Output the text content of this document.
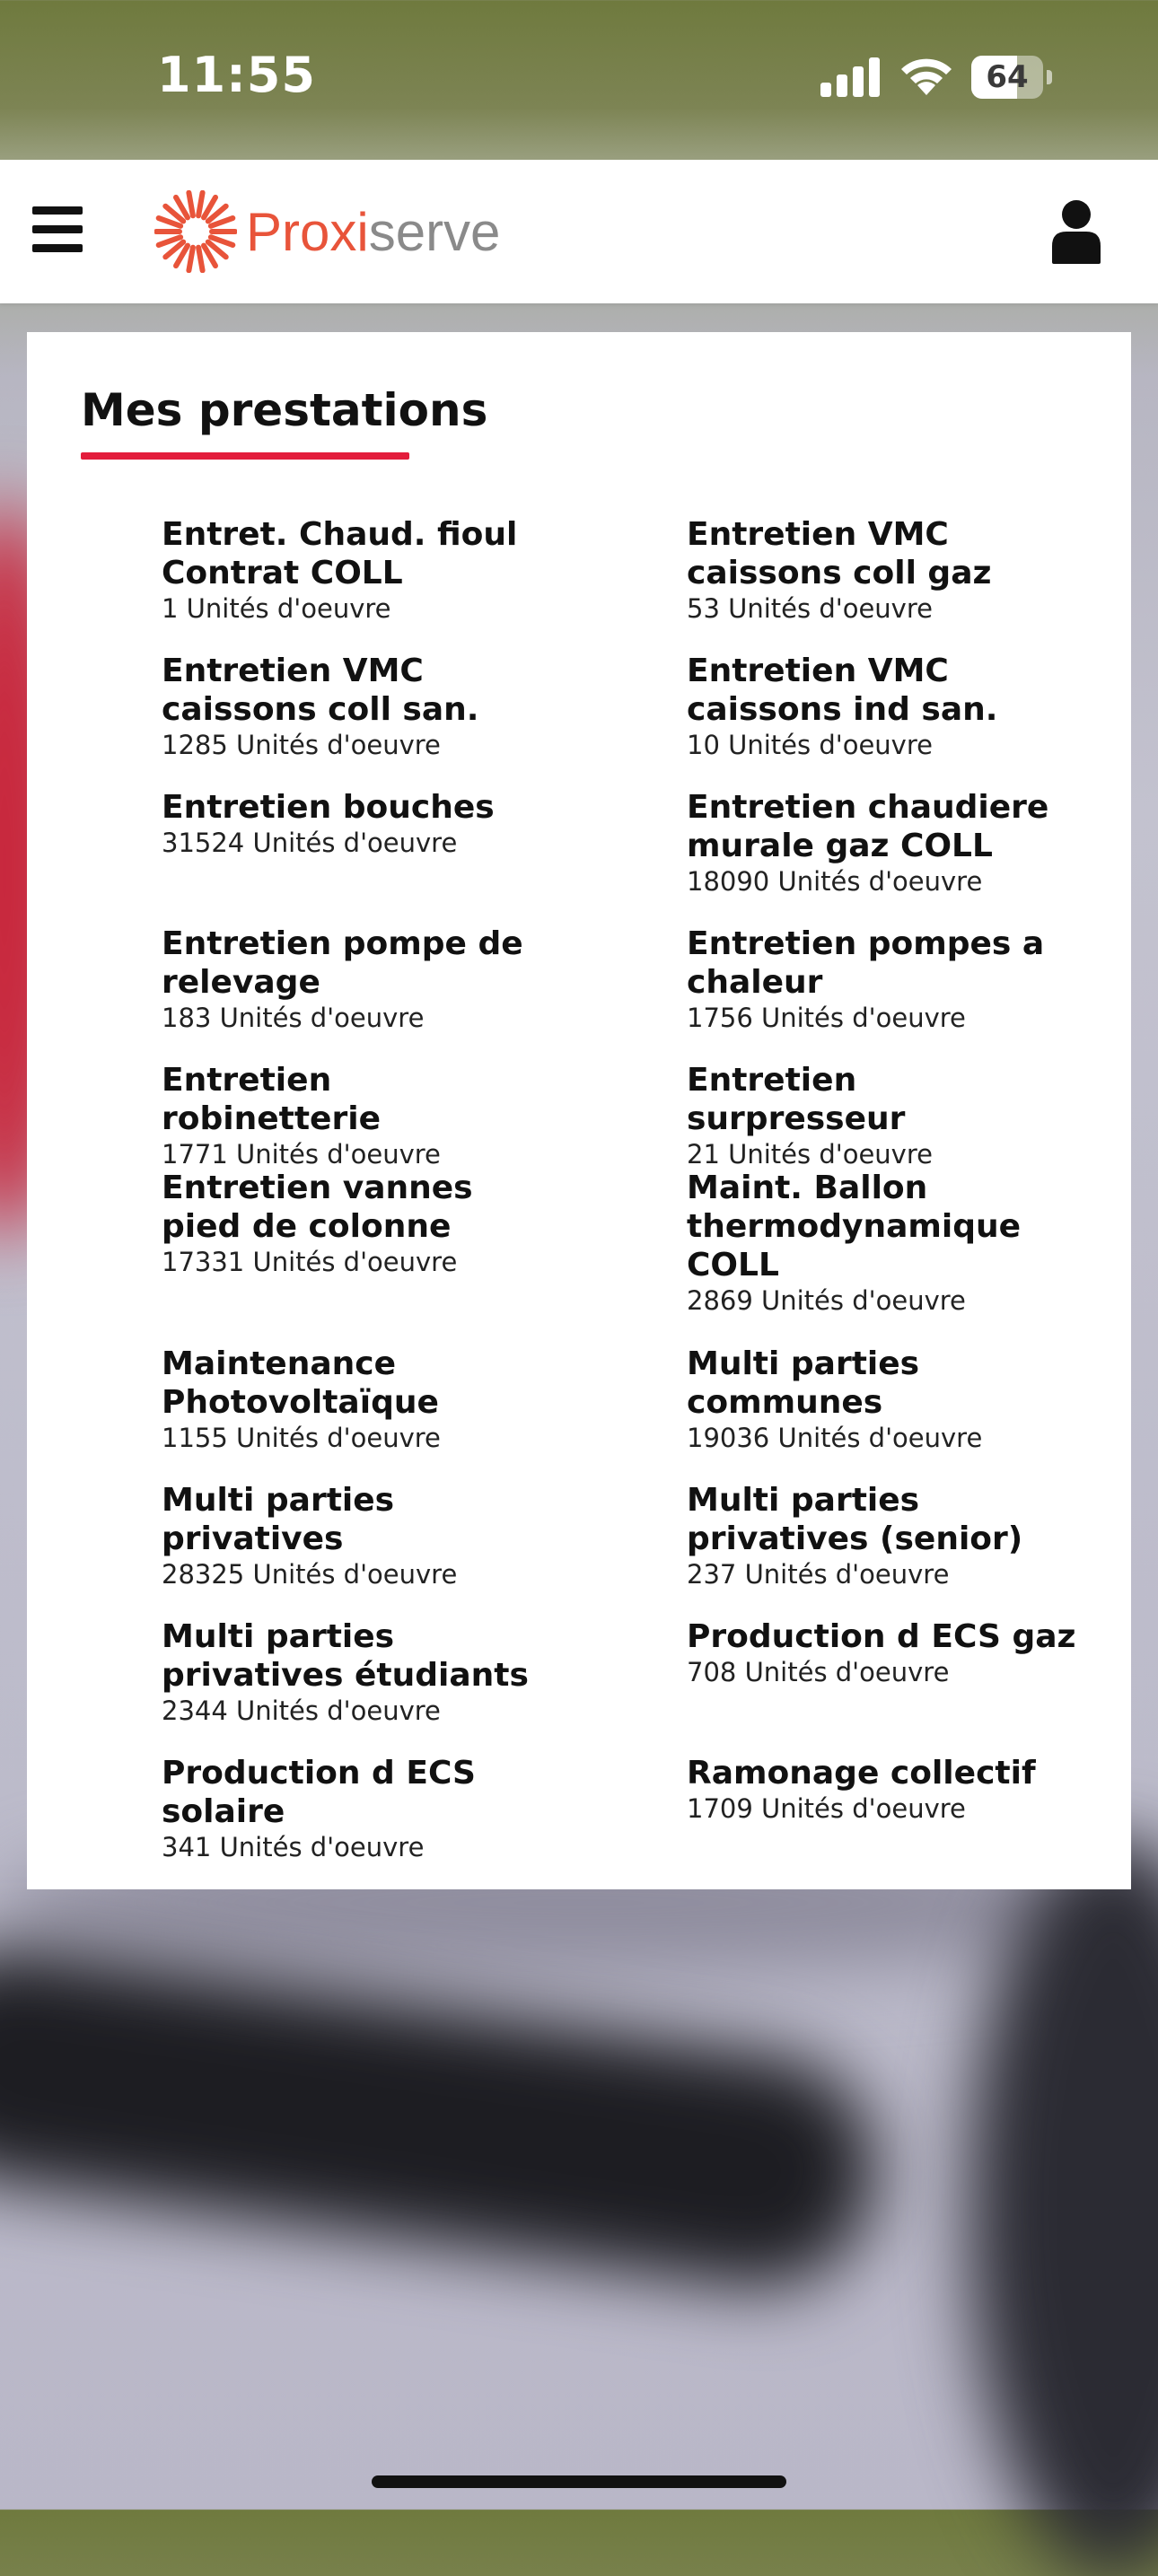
11:55	64
Proxiserve
Mes prestations
Entret. Chaud. fioul Contrat COLL
1 Unités d'oeuvre
Entretien VMC caissons coll gaz
53 Unités d'oeuvre
Entretien VMC caissons coll san.
1285 Unités d'oeuvre
Entretien VMC caissons ind san.
10 Unités d'oeuvre
Entretien bouches
31524 Unités d'oeuvre
Entretien chaudiere murale gaz COLL
18090 Unités d'oeuvre
Entretien pompe de relevage
183 Unités d'oeuvre
Entretien pompes a chaleur
1756 Unités d'oeuvre
Entretien robinetterie
1771 Unités d'oeuvre
Entretien surpresseur
21 Unités d'oeuvre
Entretien vannes pied de colonne
17331 Unités d'oeuvre
Maint. Ballon thermodynamique COLL
2869 Unités d'oeuvre
Maintenance Photovoltaïque
1155 Unités d'oeuvre
Multi parties communes
19036 Unités d'oeuvre
Multi parties privatives
28325 Unités d'oeuvre
Multi parties privatives (senior)
237 Unités d'oeuvre
Multi parties privatives étudiants
2344 Unités d'oeuvre
Production d ECS gaz
708 Unités d'oeuvre
Production d ECS solaire
341 Unités d'oeuvre
Ramonage collectif
1709 Unités d'oeuvre
